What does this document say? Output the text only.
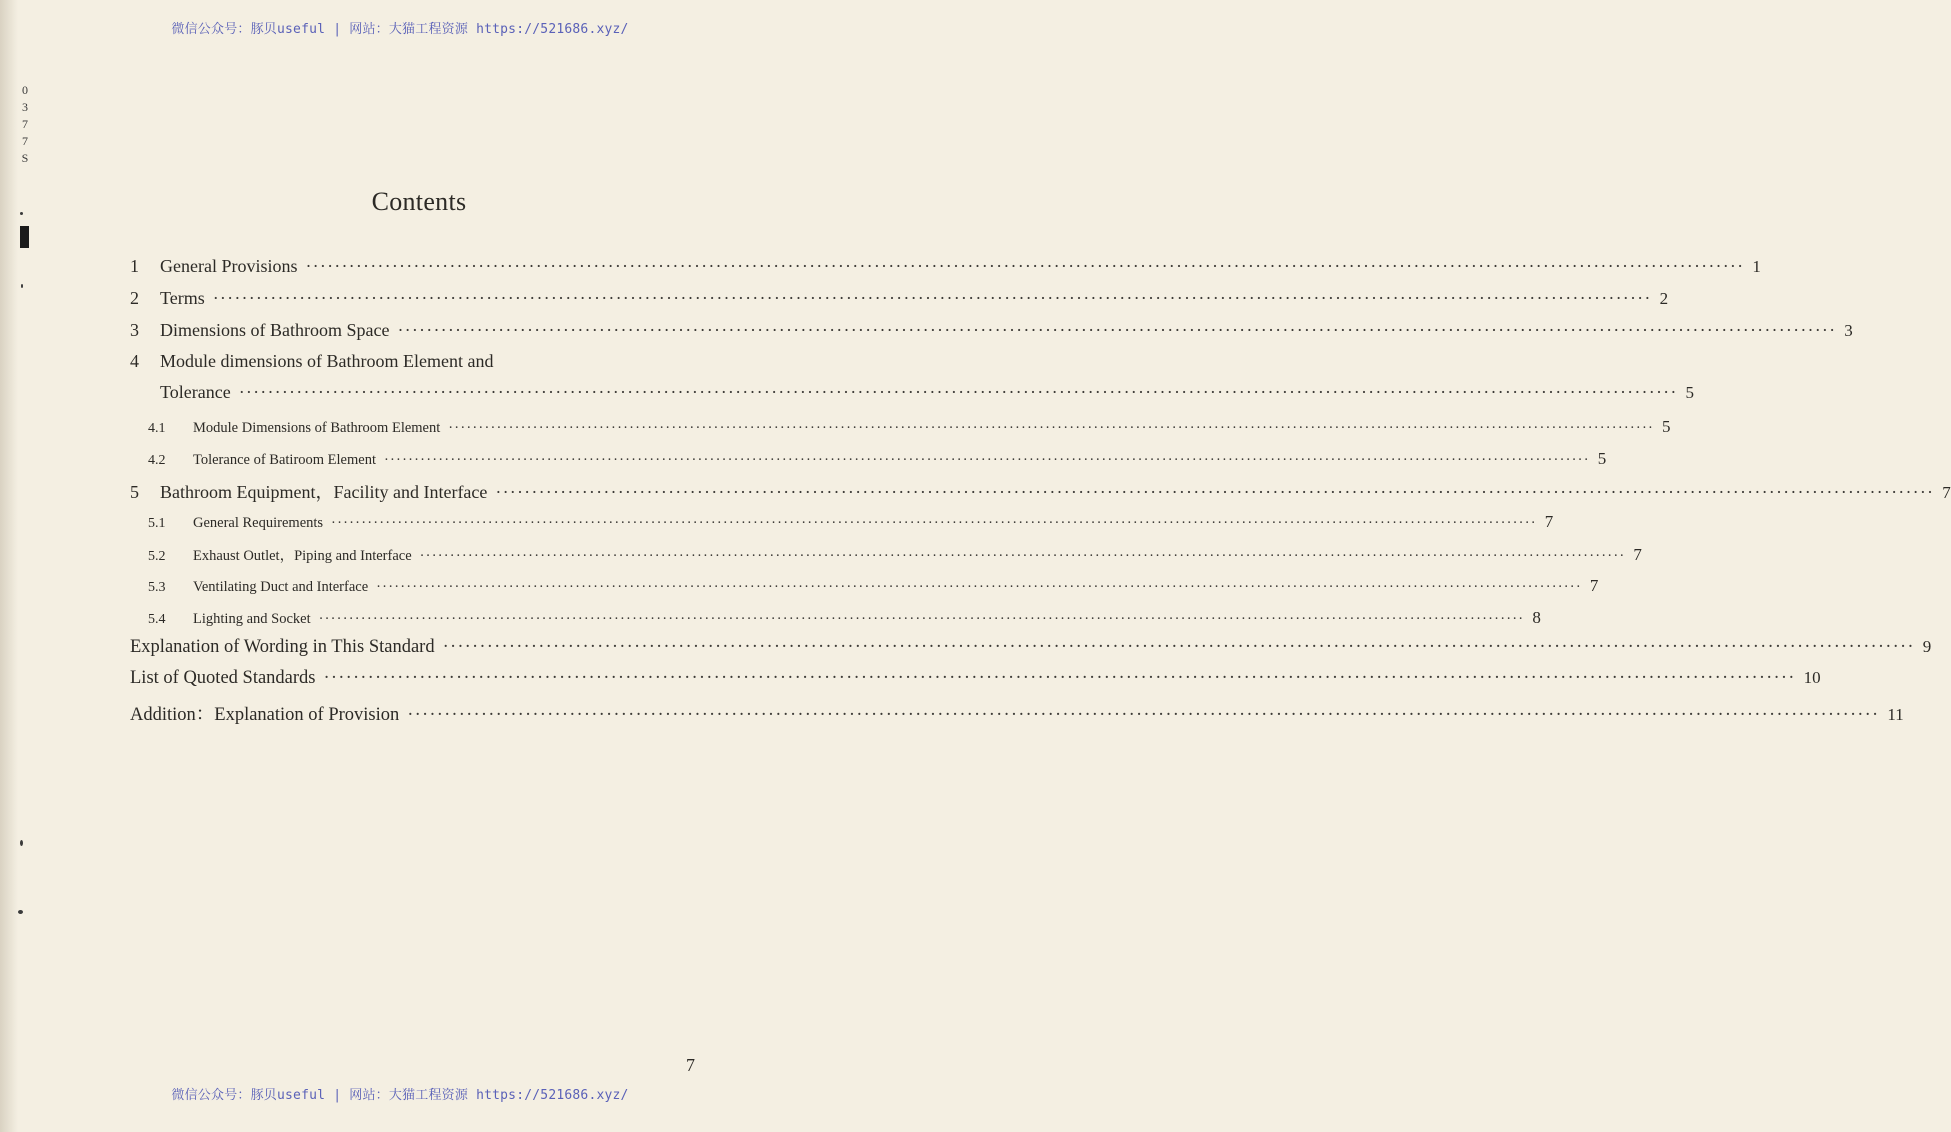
微信公众号：豚贝useful | 网站：大猫工程资源 https://521686.xyz/
0
3
7
7
S
Contents
1	General Provisions ········································································································································································································ 1
2	Terms ········································································································································································································ 2
3	Dimensions of Bathroom Space ········································································································································································································ 3
4	Module dimensions of Bathroom Element and
Tolerance ········································································································································································································ 5
4.1	Module Dimensions of Bathroom Element ········································································································································································································ 5
4.2	Tolerance of Batiroom Element ········································································································································································································ 5
5	Bathroom Equipment，Facility and Interface ········································································································································································································ 7
5.1	General Requirements ········································································································································································································ 7
5.2	Exhaust Outlet，Piping and Interface ········································································································································································································ 7
5.3	Ventilating Duct and Interface ········································································································································································································ 7
5.4	Lighting and Socket ········································································································································································································ 8
Explanation of Wording in This Standard ········································································································································································································ 9
List of Quoted Standards ········································································································································································································ 10
Addition：Explanation of Provision ········································································································································································································ 11
7
微信公众号：豚贝useful | 网站：大猫工程资源 https://521686.xyz/
